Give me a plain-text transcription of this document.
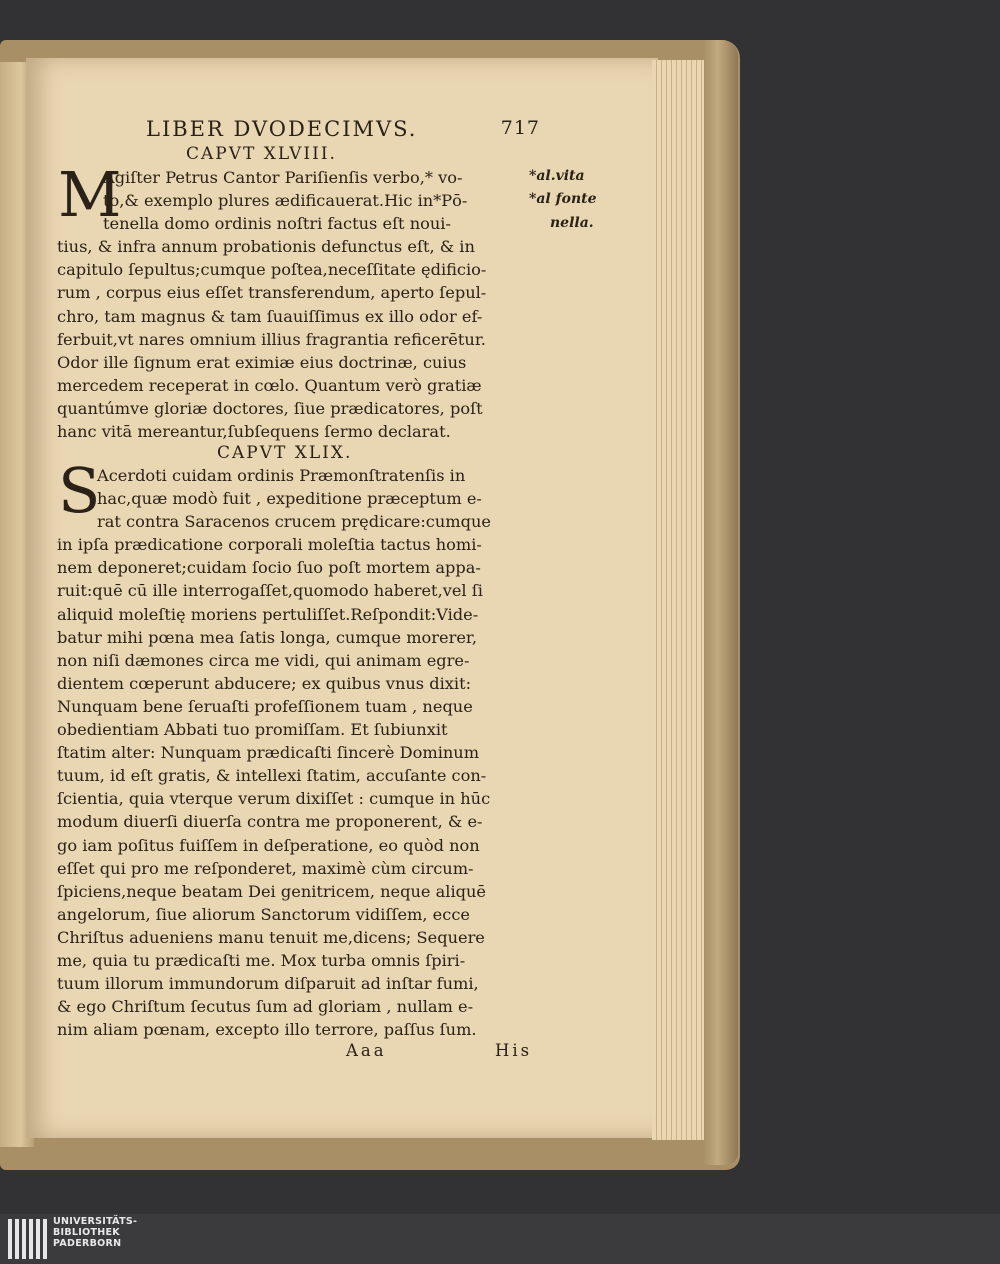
LIBER DVODECIMVS.	717
CAPVT XLVIII.
M
Agiſter Petrus Cantor Pariſienſis verbo,* vo-
to,& exemplo plures ædificauerat.Hic in*Pō-
tenella domo ordinis noſtri factus eſt noui-
tius, & infra annum probationis defunctus eſt, & in
capitulo ſepultus;cumque poſtea,neceſſitate ędificio-
rum , corpus eius eſſet transferendum, aperto ſepul-
chro, tam magnus & tam ſuauiſſimus ex illo odor ef-
ferbuit,vt nares omnium illius fragrantia reficerētur.
Odor ille ſignum erat eximiæ eius doctrinæ, cuius
mercedem receperat in cœlo. Quantum verò gratiæ
quantúmve gloriæ doctores, ſiue prædicatores, poſt
hanc vitā mereantur,ſubſequens ſermo declarat.
*al.vita
*al fonte
nella.
CAPVT XLIX.
S
Acerdoti cuidam ordinis Præmonſtratenſis in
hac,quæ modò fuit , expeditione præceptum e-
rat contra Saracenos crucem prędicare:cumque
in ipſa prædicatione corporali moleſtia tactus homi-
nem deponeret;cuidam ſocio ſuo poſt mortem appa-
ruit:quē cū ille interrogaſſet,quomodo haberet,vel ſi
aliquid moleſtię moriens pertuliſſet.Reſpondit:Vide-
batur mihi pœna mea ſatis longa, cumque morerer,
non niſi dæmones circa me vidi, qui animam egre-
dientem cœperunt abducere; ex quibus vnus dixit:
Nunquam bene ſeruaſti profeſſionem tuam , neque
obedientiam Abbati tuo promiſſam. Et ſubiunxit
ſtatim alter: Nunquam prædicaſti ſincerè Dominum
tuum, id eſt gratis, & intellexi ſtatim, accuſante con-
ſcientia, quia vterque verum dixiſſet : cumque in hūc
modum diuerſi diuerſa contra me proponerent, & e-
go iam poſitus fuiſſem in deſperatione, eo quòd non
eſſet qui pro me reſponderet, maximè cùm circum-
ſpiciens,neque beatam Dei genitricem, neque aliquē
angelorum, ſiue aliorum Sanctorum vidiſſem, ecce
Chriſtus adueniens manu tenuit me,dicens; Sequere
me, quia tu prædicaſti me. Mox turba omnis ſpiri-
tuum illorum immundorum diſparuit ad inſtar fumi,
& ego Chriſtum ſecutus ſum ad gloriam , nullam e-
nim aliam pœnam, excepto illo terrore, paſſus ſum.
Aaa	His
UNIVERSITÄTS-
BIBLIOTHEK
PADERBORN
